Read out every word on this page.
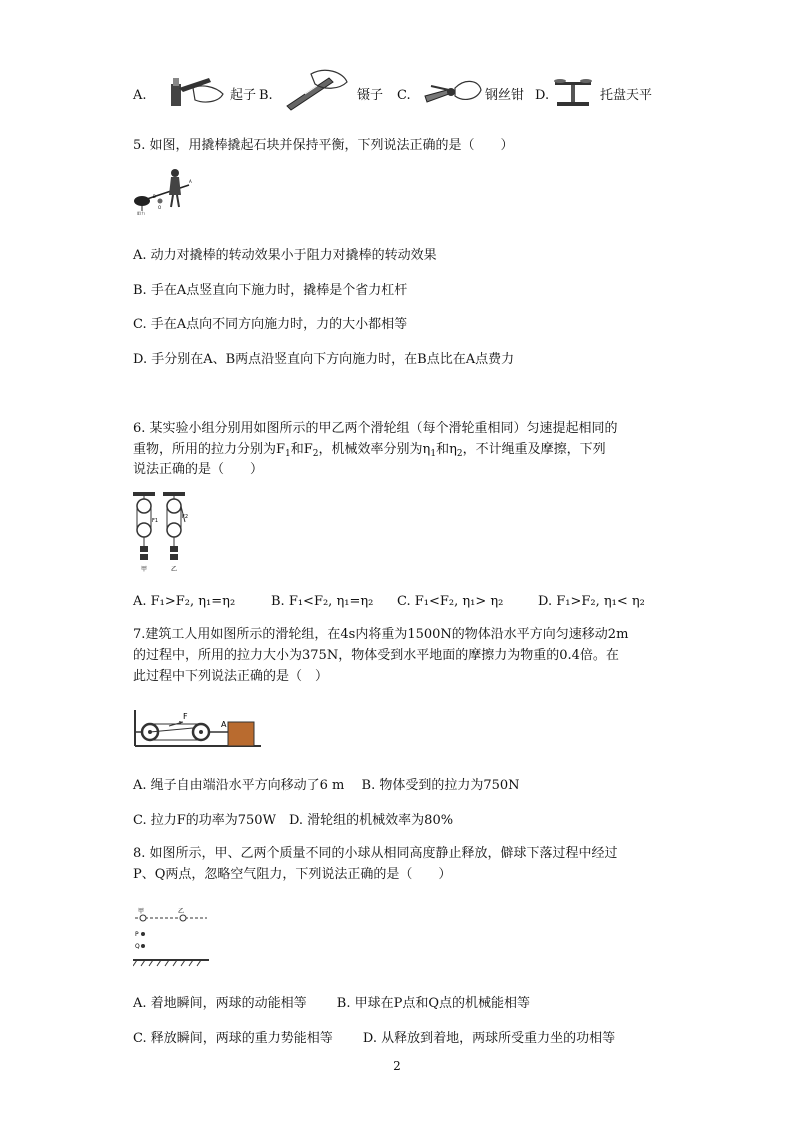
A.	起子 B.	镊子 C.	钢丝钳 D.	托盘天平
5. 如图，用撬棒撬起石块并保持平衡，下列说法正确的是（　　）
阻力
A
B
O
A. 动力对撬棒的转动效果小于阻力对撬棒的转动效果
B. 手在A点竖直向下施力时，撬棒是个省力杠杆
C. 手在A点向不同方向施力时，力的大小都相等
D. 手分别在A、B两点沿竖直向下方向施力时，在B点比在A点费力
6. 某实验小组分别用如图所示的甲乙两个滑轮组（每个滑轮重相同）匀速提起相同的
重物，所用的拉力分别为$F_1$和$F_2$，机械效率分别为$\eta_1$和$\eta_2$，不计绳重及摩擦，下列
说法正确的是（　　）
F1
F2
甲	乙
A. F₁>F₂, η₁=η₂	B. F₁<F₂, η₁=η₂ C. F₁<F₂, η₁> η₂	D. F₁>F₂, η₁< η₂
7.建筑工人用如图所示的滑轮组，在4s内将重为1500N的物体沿水平方向匀速移动2m
的过程中，所用的拉力大小为375N，物体受到水平地面的摩擦力为物重的0.4倍。在
此过程中下列说法正确的是（　）
F
A
A. 绳子自由端沿水平方向移动了6 m　 B. 物体受到的拉力为750N
C. 拉力F的功率为750W　D. 滑轮组的机械效率为80%
8. 如图所示，甲、乙两个质量不同的小球从相同高度静止释放，僻球下落过程中经过
P、Q两点，忽略空气阻力，下列说法正确的是（　　）
甲	乙
P
Q
A. 着地瞬间，两球的动能相等　　 B. 甲球在P点和Q点的机械能相等
C. 释放瞬间，两球的重力势能相等　　 D. 从释放到着地，两球所受重力坐的功相等
2
